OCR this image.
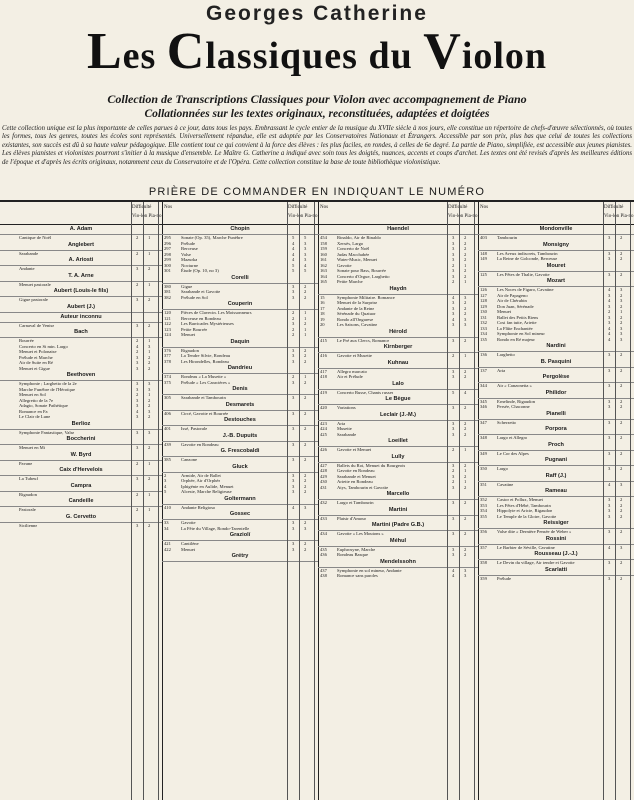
Georges Catherine
Les Classiques du Violon
Collection de Transcriptions Classiques pour Violon avec accompagnement de Piano
Collationnées sur les textes originaux, reconstituées, adaptées et doigtées
Cette collection unique est la plus importante de celles parues à ce jour, dans tous les pays. Embrassant le cycle entier de la musique du XVIIe siècle à nos jours, elle constitue un répertoire de chefs-d'œuvre sélectionnés, où toutes les formes, tous les genres, toutes les écoles sont représentés. Universellement répandue, elle est adoptée par les Conservatoires Nationaux et Étrangers. Accessible par son prix, plus bas que celui de toutes les collections existantes, son succès est dû à sa haute valeur pédagogique. Elle contient tout ce qui convient à la force des élèves : les plus faciles, en rondes, à celles de 6e degré. La partie de Piano, simplifiée, est accessible aux jeunes pianistes. Les élèves pianistes et violonistes pourront s'initier à la musique d'ensemble. Le Maître G. Catherine a indiqué avec soin tous les doigtés, nuances, accents et coups d'archet. Les textes ont été revisés d'après les meilleures éditions de l'époque et d'après les écrits originaux, notamment ceux du Conservatoire et de l'Opéra. Cette collection constitue la base de toute bibliothèque violonistique.
PRIÈRE DE COMMANDER EN INDIQUANT LE NUMÉRO
Difficulté
Vio-lon Pia-no
A. Adam
Cantique de Noël	2 1
Anglebert
Sarabande	2 1
A. Ariosti
Andante	3 2
T. A. Arne
Menuet pastorale	2 1
Aubert (Louis-le fils)
Gigue pastorale	3 2
Aubert (J.)
Auteur inconnu
Carnaval de Venise	3 2
Bach
Bourrée	2 1
Concerto en Si min. Largo	4 3
Menuet et Polonaise	2 1
Prélude et Marche	3 2
Air de Suite en Ré	3 2
Menuet et Gigue	3 2
Beethoven
Symphonie ; Larghetto de la 2e	3 3
Marche Funèbre de l'Héroïque	3 3
Menuet en Sol	2 1
Allegretto de la 7e	3 2
Adagio, Sonate Pathétique	3 2
Romance en Fa	4 3
Le Clair de Lune	3 2
Berlioz
Symphonie Fantastique, Valse	3 3
Boccherini
Menuet en Mi	3 2
W. Byrd
Pavane	2 1
Caix d'Hervelois
La Tubeuf	3 2
Campra
Rigaudon	2 1
Candeille
Pastorale	2 1
G. Cervetto
Sicilienne	3 2
Nos	Difficulté
Vio-lon Pia-no
Chopin
295 Sonate (Op. 35), Marche Funèbre	5 5
296 Prélude	4 3
297 Berceuse	4 3
298 Valse	4 3
299 Mazurka	4 3
300 Nocturne	5 4
301 Étude (Op. 10, no 3)	5 5
Corelli
380 Gigue	3 2
381 Sarabande et Gavotte	3 2
382 Prélude en Sol	3 2
Couperin
120 Pièces de Clavecin. Les Moissonneurs	2 1
121 Berceuse en Rondeau	2 1
122 Les Barricades Mystérieuses	3 2
123 Petite Bourrée	2 1
124 Menuet	2 1
Daquin
376 Rigaudon	3 2
377 La Tendre Silvie, Rondeau	3 2
378 Les Hirondelles, Rondeau	3 2
Dandrieu
374 Rondeau « La Musette »	2 1
375 Prélude « Les Caractères »	3 2
Denis
305 Sarabande et Tambourin	3 2
Desmarets
406 Circé, Gavotte et Bourrée	3 2
Destouches
401 Issé, Pastorale	3 2
J.-B. Dupuits
439 Gavotte en Rondeau	3 2
G. Frescobaldi
385 Canzone	3 2
Gluck
2	Armide, Air de Ballet	3 2
3	Orphée, Air d'Orphée	3 2
4	Iphigénie en Aulide, Menuet	3 2
5	Alceste, Marche Religieuse	3 2
Goltermann
410 Andante Religioso	4 3
Gossec
33	Gavotte	3 2
34	La Fête du Village, Rondo-Tarentelle	3 3
Graziolí
421 Cantilène	3 2
422 Menuet	3 2
Grétry
Nos	Difficulté
Vio-lon Pia-no
Haendel
454 Rinaldo, Air de Rinaldo	3 2
158 Xerxès, Largo	3 2
159 Concerto de Noël	3 2
160 Judas Macchabée	3 2
161 Water-Music, Menuet	3 2
162 Gavotte	2 1
163 Sonate pour Bass, Bourrée	3 2
164 Concerto d'Orgue, Larghetto	3 2
165 Petite Marche	2 1
Haydn
15	Symphonie Militaire. Romance	4 3
16	Menuet de la Surprise	3 2
17	Andante de la Reine	3 2
18	Sérénade du Quatuor	3 2
19	Rondo all'Ongarese	4 3
20	Les Saisons, Cavatine	3 3
Hérold
415 Le Pré aux Clercs, Romance	3 2
Kirnberger
416 Gavotte et Musette	2 1
Kuhnau
417 Allegro marcato	3 2
418 Air et Prélude	3 2
Lalo
419 Concerto Russe, Chants russes	5 4
Le Bègue
420 Variations	3 2
Leclair (J.-M.)
423 Aria	3 2
424 Musette	3 2
425 Sarabande	3 2
Loeillet
426 Gavotte et Menuet	2 1
Lully
427 Ballets du Roi, Menuet du Bourgeois	3 2
428 Gavotte en Rondeau	2 1
429 Sarabande et Menuet	3 2
430 Ariette en Rondeau	2 1
431 Atys, Tambourin et Gavotte	3 2
Marcello
432 Largo et Tambourin	3 2
Martini
433 Plaisir d'Amour	3 2
Martini (Padre G.B.)
434 Gavotte « Les Moutons »	3 2
Méhul
435 Euphrosyne, Marche	3 2
436 Rondeau Basque	3 2
Mendelssohn
437 Symphonie en sol mineur, Andante	4 3
438 Romance sans paroles	4 3
Nos	Difficulté
Vio-lon Pia-no
Mondonville
403 Tambourin	3 2
Monsigny
148 Les Aveux indiscrets, Tambourin	3 2
149 La Reine de Golconde, Berceuse	3 2
Mouret
125 Les Fêtes de Thalie, Gavotte	3 2
Mozart
126 Les Noces de Figaro, Cavatine	4 3
127 Air de Papageno	3 2
128 Air de Chérubin	4 3
129 Don Juan, Sérénade	3 2
130 Menuet	2 1
131 Ballet des Petits Riens	3 2
132 Cosi fan tutte, Ariette	3 2
133 La Flûte Enchantée	4 3
134 Symphonie en Sol mineur	4 3
135 Rondo en Ré majeur	4 3
Nardini
136 Larghetto	3 2
B. Pasquini
137 Aria	3 2
Pergolèse
344 Air « Canzonetta »	3 2
Philidor
345 Ernelinde, Rigaudon	3 2
346 Persée, Chaconne	3 2
Pianelli
347 Scherzetto	3 2
Porpora
348 Largo et Allegro	3 2
Proch
349 Le Cor des Alpes	3 2
Pugnani
350 Largo	3 2
Raff (J.)
351 Cavatine	4 3
Rameau
352 Castor et Pollux, Menuet	3 2
353 Les Fêtes d'Hébé, Tambourin	3 2
354 Hippolyte et Aricie, Rigaudon	3 2
355 Le Temple de la Gloire, Gavotte	3 2
Reissiger
356 Valse dite « Dernière Pensée de Weber »	3 2
Rossini
357 Le Barbier de Séville, Cavatine	4 3
Rousseau (J.-J.)
358 Le Devin du village, Air tendre et Gavotte	3 2
Scarlatti
359 Prélude	3 2
